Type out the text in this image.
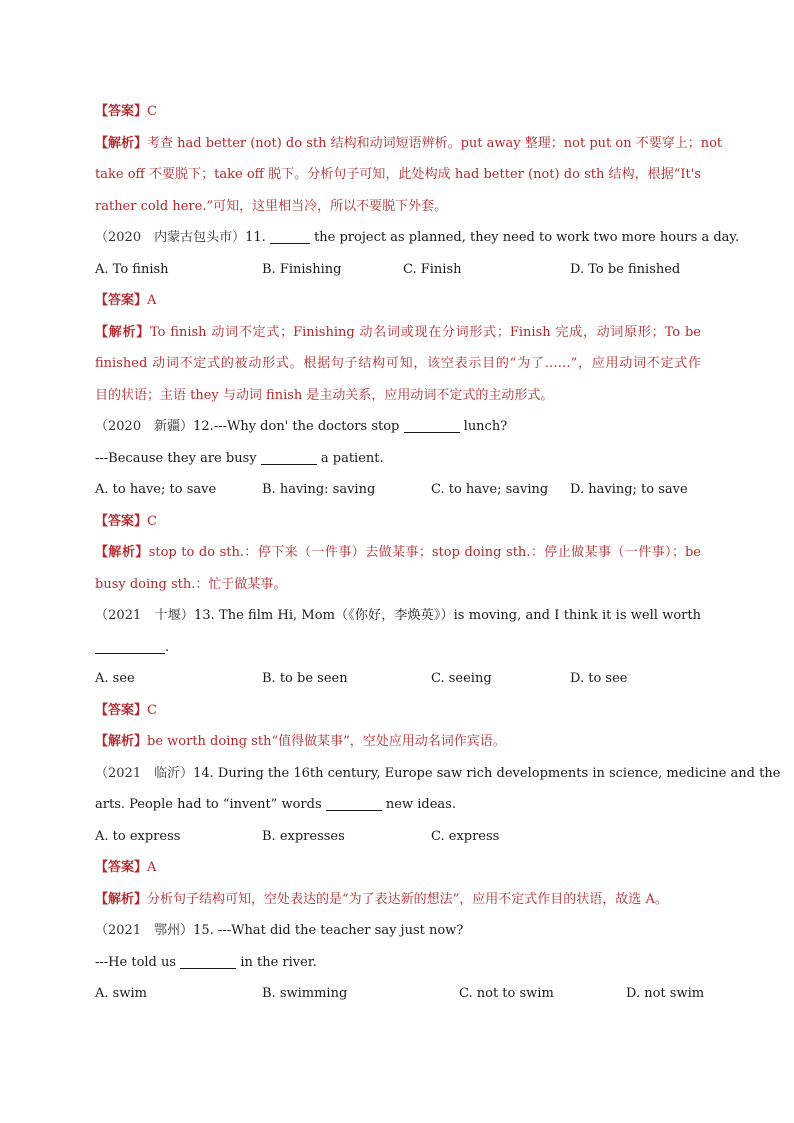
【答案】C
【解析】考查 had better (not) do sth 结构和动词短语辨析。put away 整理；not put on 不要穿上；not
take off 不要脱下；take off 脱下。分析句子可知，此处构成 had better (not) do sth 结构，根据“It's
rather cold here.”可知，这里相当冷，所以不要脱下外套。
（2020　内蒙古包头市）11.	the project as planned, they need to work two more hours a day.
A. To finish	B. Finishing	C. Finish	D. To be finished
【答案】A
【解析】To finish 动词不定式；Finishing 动名词或现在分词形式；Finish 完成，动词原形；To be
finished 动词不定式的被动形式。根据句子结构可知，该空表示目的“为了……”，应用动词不定式作
目的状语；主语 they 与动词 finish 是主动关系，应用动词不定式的主动形式。
（2020　新疆）12.---Why don' the doctors stop	lunch?
---Because they are busy	a patient.
A. to have; to save	B. having: saving	C. to have; saving D. having; to save
【答案】C
【解析】stop to do sth.：停下来（一件事）去做某事；stop doing sth.：停止做某事（一件事）；be
busy doing sth.：忙于做某事。
（2021　十堰）13. The film Hi, Mom（《你好，李焕英》）is moving, and I think it is well worth
.
A. see	B. to be seen	C. seeing	D. to see
【答案】C
【解析】be worth doing sth“值得做某事”，空处应用动名词作宾语。
（2021　临沂）14. During the 16th century, Europe saw rich developments in science, medicine and the
arts. People had to “invent” words	new ideas.
A. to express	B. expresses	C. express
【答案】A
【解析】分析句子结构可知，空处表达的是“为了表达新的想法”，应用不定式作目的状语，故选 A。
（2021　鄂州）15. ---What did the teacher say just now?
---He told us	in the river.
A. swim	B. swimming	C. not to swim	D. not swim
